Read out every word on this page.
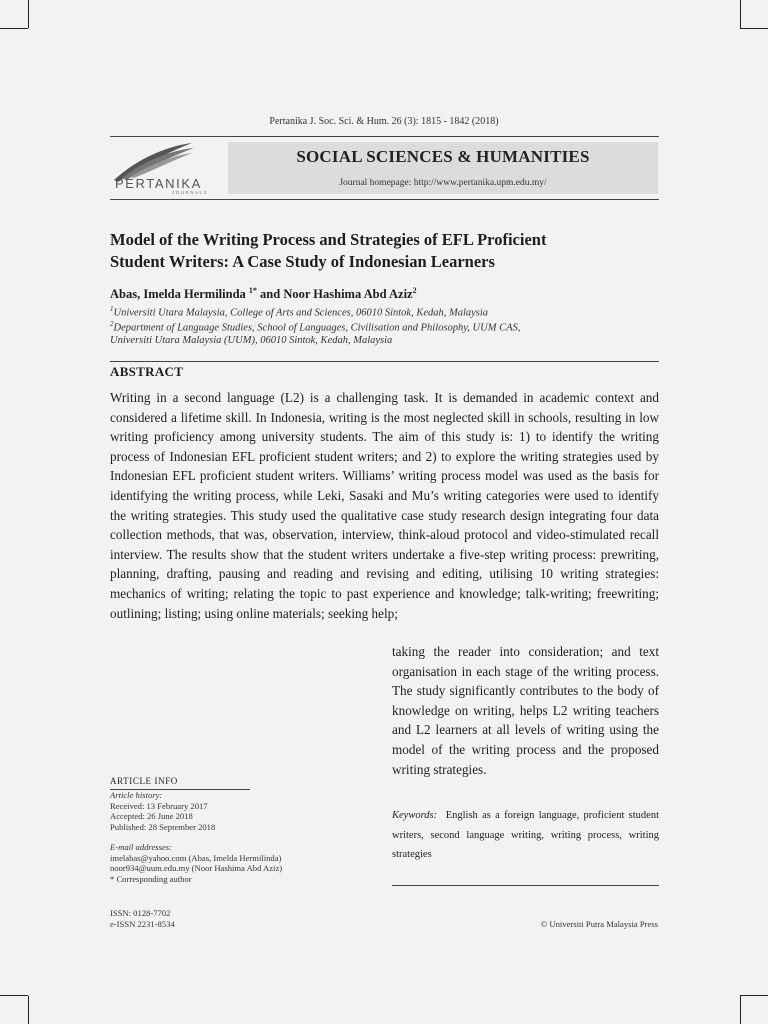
Pertanika J. Soc. Sci. & Hum. 26 (3): 1815 - 1842 (2018)
PERTANIKA
JOURNALS
SOCIAL SCIENCES & HUMANITIES
Journal homepage: http://www.pertanika.upm.edu.my/
Model of the Writing Process and Strategies of EFL Proficient
Student Writers: A Case Study of Indonesian Learners
Abas, Imelda Hermilinda $^{1*}$ and Noor Hashima Abd Aziz$^2$
$^1$Universiti Utara Malaysia, College of Arts and Sciences, 06010 Sintok, Kedah, Malaysia
$^2$Department of Language Studies, School of Languages, Civilisation and Philosophy, UUM CAS,
Universiti Utara Malaysia (UUM), 06010 Sintok, Kedah, Malaysia
ABSTRACT

Writing in a second language (L2) is a challenging task. It is demanded in academic context and considered a lifetime skill. In Indonesia, writing is the most neglected skill in schools, resulting in low writing proficiency among university students. The aim of this study is: 1) to identify the writing process of Indonesian EFL proficient student writers; and 2) to explore the writing strategies used by Indonesian EFL proficient student writers. Williams’ writing process model was used as the basis for identifying the writing process, while Leki, Sasaki and Mu’s writing categories were used to identify the writing strategies. This study used the qualitative case study research design integrating four data collection methods, that was, observation, interview, think-aloud protocol and video-stimulated recall interview. The results show that the student writers undertake a five-step writing process: prewriting, planning, drafting, pausing and reading and revising and editing, utilising 10 writing strategies: mechanics of writing; relating the topic to past experience and knowledge; talk-writing; freewriting; outlining; listing; using online materials; seeking help;

taking the reader into consideration; and text organisation in each stage of the writing process. The study significantly contributes to the body of knowledge on writing, helps L2 writing teachers and L2 learners at all levels of writing using the model of the writing process and the proposed writing strategies.

Keywords: English as a foreign language, proficient student writers, second language writing, writing process, writing strategies

ARTICLE INFO
Article history:
Received: 13 February 2017
Accepted: 26 June 2018
Published: 28 September 2018
E-mail addresses:
imelabas@yahoo.com (Abas, Imelda Hermilinda)
noor934@uum.edu.my (Noor Hashima Abd Aziz)
* Corresponding author
ISSN: 0128-7702
e-ISSN 2231-8534	© Universiti Putra Malaysia Press
